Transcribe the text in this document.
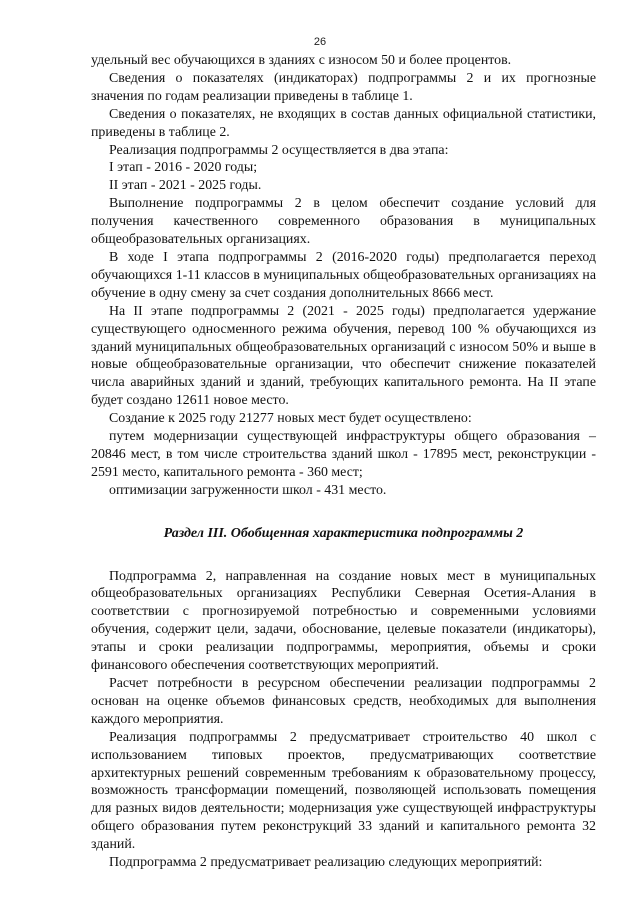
26

удельный вес обучающихся в зданиях с износом 50 и более процентов.

Сведения о показателях (индикаторах) подпрограммы 2 и их прогнозные значения по годам реализации приведены в таблице 1.

Сведения о показателях, не входящих в состав данных официальной статистики, приведены в таблице 2.

Реализация подпрограммы 2 осуществляется в два этапа:

I этап - 2016 - 2020 годы;

II этап - 2021 - 2025 годы.

Выполнение подпрограммы 2 в целом обеспечит создание условий для получения качественного современного образования в муниципальных общеобразовательных организациях.

В ходе I этапа подпрограммы 2 (2016-2020 годы) предполагается переход обучающихся 1-11 классов в муниципальных общеобразовательных организациях на обучение в одну смену за счет создания дополнительных 8666 мест.

На II этапе подпрограммы 2 (2021 - 2025 годы) предполагается удержание существующего односменного режима обучения, перевод 100 % обучающихся из зданий муниципальных общеобразовательных организаций с износом 50% и выше в новые общеобразовательные организации, что обеспечит снижение показателей числа аварийных зданий и зданий, требующих капитального ремонта. На II этапе будет создано 12611 новое место.

Создание к 2025 году 21277 новых мест будет осуществлено:

путем модернизации существующей инфраструктуры общего образования – 20846 мест, в том числе строительства зданий школ - 17895 мест, реконструкции - 2591 место, капитального ремонта - 360 мест;

оптимизации загруженности школ - 431 место.

Раздел III. Обобщенная характеристика подпрограммы 2

Подпрограмма 2, направленная на создание новых мест в муниципальных общеобразовательных организациях Республики Северная Осетия-Алания в соответствии с прогнозируемой потребностью и современными условиями обучения, содержит цели, задачи, обоснование, целевые показатели (индикаторы), этапы и сроки реализации подпрограммы, мероприятия, объемы и сроки финансового обеспечения соответствующих мероприятий.

Расчет потребности в ресурсном обеспечении реализации подпрограммы 2 основан на оценке объемов финансовых средств, необходимых для выполнения каждого мероприятия.

Реализация подпрограммы 2 предусматривает строительство 40 школ с использованием типовых проектов, предусматривающих соответствие архитектурных решений современным требованиям к образовательному процессу, возможность трансформации помещений, позволяющей использовать помещения для разных видов деятельности; модернизация уже существующей инфраструктуры общего образования путем реконструкций 33 зданий и капитального ремонта 32 зданий.

Подпрограмма 2 предусматривает реализацию следующих мероприятий:
